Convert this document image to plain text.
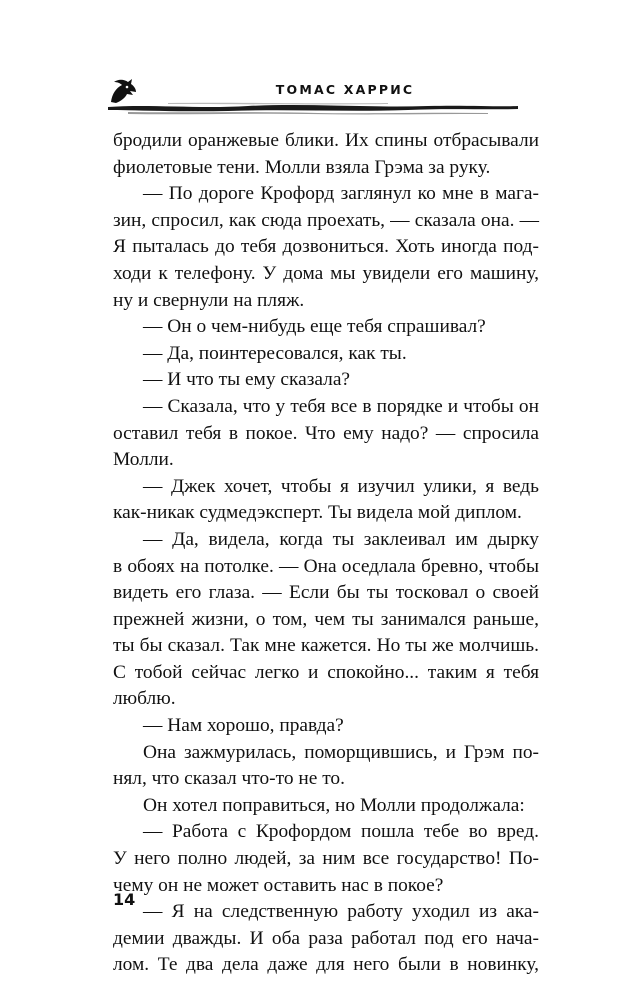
ТОМАС ХАРРИС
бродили оранжевые блики. Их спины отбрасывали
фиолетовые тени. Молли взяла Грэма за руку.
— По дороге Крофорд заглянул ко мне в мага-
зин, спросил, как сюда проехать, — сказала она. —
Я пыталась до тебя дозвониться. Хоть иногда под-
ходи к телефону. У дома мы увидели его машину,
ну и свернули на пляж.
— Он о чем-нибудь еще тебя спрашивал?
— Да, поинтересовался, как ты.
— И что ты ему сказала?
— Сказала, что у тебя все в порядке и чтобы он
оставил тебя в покое. Что ему надо? — спросила
Молли.
— Джек хочет, чтобы я изучил улики, я ведь
как-никак судмедэксперт. Ты видела мой диплом.
— Да, видела, когда ты заклеивал им дырку
в обоях на потолке. — Она оседлала бревно, чтобы
видеть его глаза. — Если бы ты тосковал о своей
прежней жизни, о том, чем ты занимался раньше,
ты бы сказал. Так мне кажется. Но ты же молчишь.
С тобой сейчас легко и спокойно... таким я тебя
люблю.
— Нам хорошо, правда?
Она зажмурилась, поморщившись, и Грэм по-
нял, что сказал что-то не то.
Он хотел поправиться, но Молли продолжала:
— Работа с Крофордом пошла тебе во вред.
У него полно людей, за ним все государство! По-
чему он не может оставить нас в покое?
— Я на следственную работу уходил из ака-
демии дважды. И оба раза работал под его нача-
лом. Те два дела даже для него были в новинку,
14
